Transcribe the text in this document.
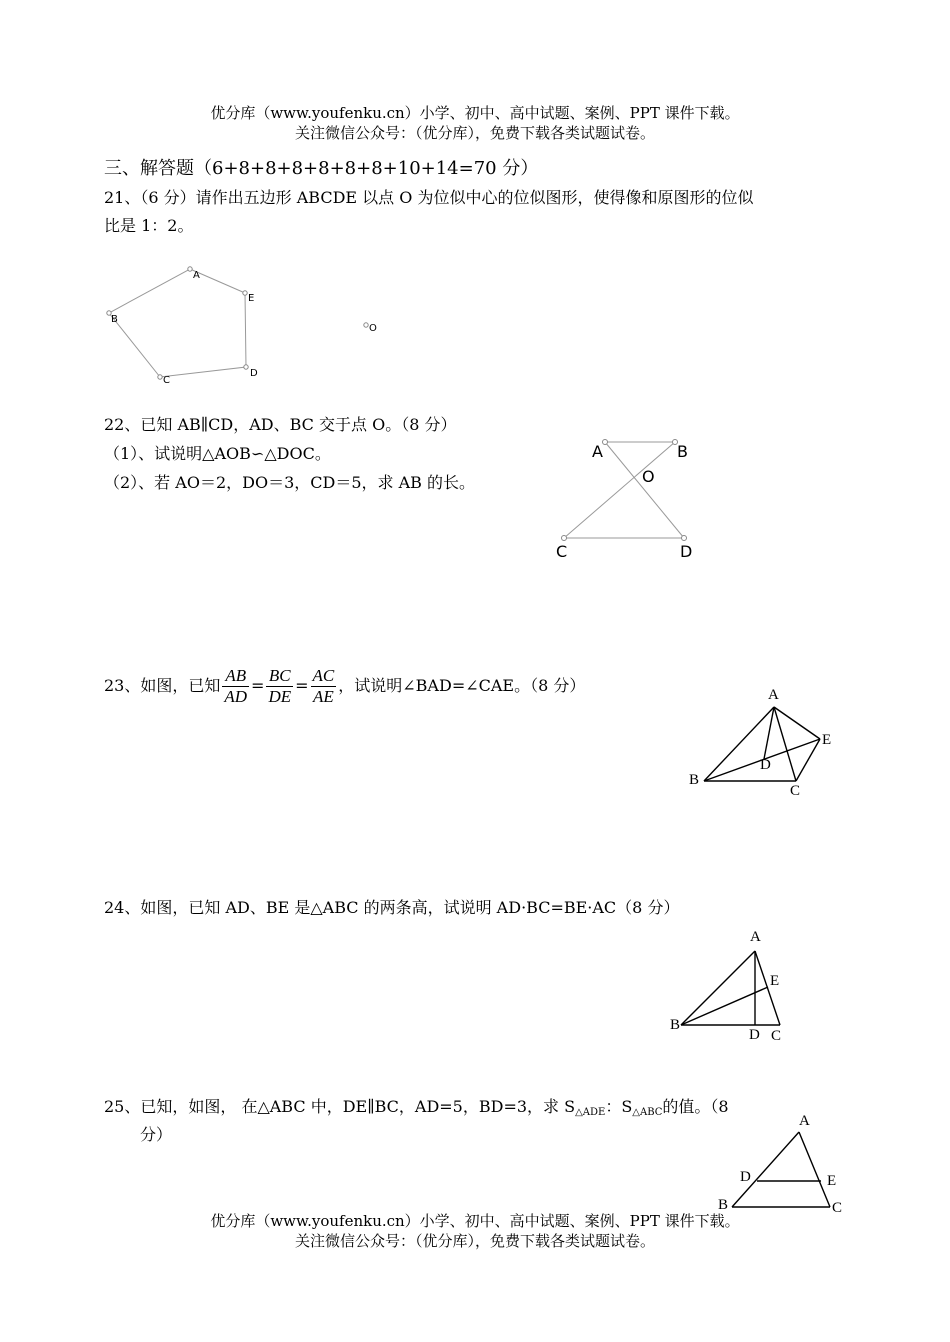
优分库（www.youfenku.cn）小学、初中、高中试题、案例、PPT 课件下载。
关注微信公众号：（优分库），免费下载各类试题试卷。
三、解答题（6+8+8+8+8+8+8+10+14=70 分）
21、（6 分）请作出五边形 ABCDE 以点 O 为位似中心的位似图形，使得像和原图形的位似
比是 1：2。
A
E
D
C
B
O
22、已知 AB∥CD，AD、BC 交于点 O。（8 分）
（1）、试说明△AOB∽△DOC。
（2）、若 AO＝2，DO＝3，CD＝5，求 AB 的长。
A	B
O
C	D
23、如图，已知 $\frac{AB}{AD} = \frac{BC}{DE} = \frac{AC}{AE}$ ，试说明∠BAD=∠CAE。（8 分）	A
E
D
B
C
24、如图，已知 AD、BE 是△ABC 的两条高，试说明 AD·BC=BE·AC（8 分）
A
E
B
D C
25、已知，如图， 在△ABC 中，DE∥BC，AD=5，BD=3，求 $S_{\triangle ADE}$：$S_{\triangle ABC}$的值。（8
分）
A
D	E
B	C
优分库（www.youfenku.cn）小学、初中、高中试题、案例、PPT 课件下载。
关注微信公众号：（优分库），免费下载各类试题试卷。
